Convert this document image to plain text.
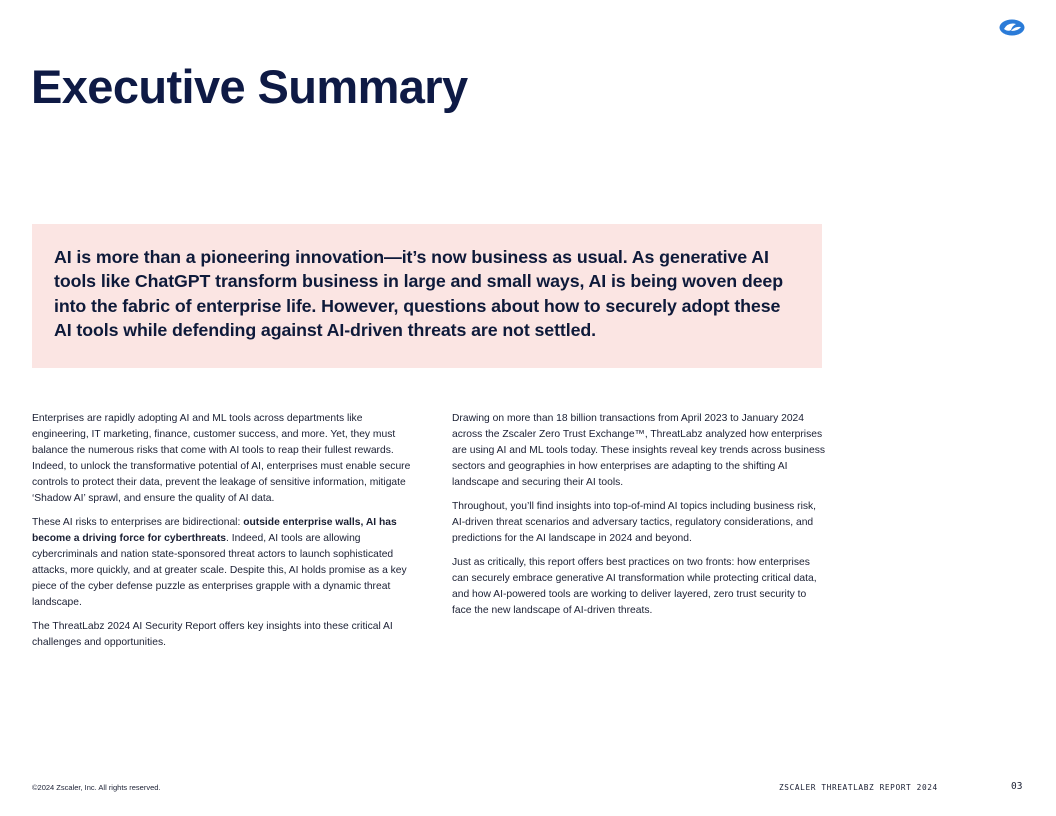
Executive Summary

AI is more than a pioneering innovation—it’s now business as usual. As generative AI tools like ChatGPT transform business in large and small ways, AI is being woven deep into the fabric of enterprise life. However, questions about how to securely adopt these AI tools while defending against AI-driven threats are not settled.

Enterprises are rapidly adopting AI and ML tools across departments like engineering, IT marketing, finance, customer success, and more. Yet, they must balance the numerous risks that come with AI tools to reap their fullest rewards. Indeed, to unlock the transformative potential of AI, enterprises must enable secure controls to protect their data, prevent the leakage of sensitive information, mitigate ‘Shadow AI’ sprawl, and ensure the quality of AI data.

These AI risks to enterprises are bidirectional: outside enterprise walls, AI has become a driving force for cyberthreats. Indeed, AI tools are allowing cybercriminals and nation state-sponsored threat actors to launch sophisticated attacks, more quickly, and at greater scale. Despite this, AI holds promise as a key piece of the cyber defense puzzle as enterprises grapple with a dynamic threat landscape.

The ThreatLabz 2024 AI Security Report offers key insights into these critical AI challenges and opportunities.

Drawing on more than 18 billion transactions from April 2023 to January 2024 across the Zscaler Zero Trust Exchange™, ThreatLabz analyzed how enterprises are using AI and ML tools today. These insights reveal key trends across business sectors and geographies in how enterprises are adapting to the shifting AI landscape and securing their AI tools.

Throughout, you’ll find insights into top-of-mind AI topics including business risk, AI-driven threat scenarios and adversary tactics, regulatory considerations, and predictions for the AI landscape in 2024 and beyond.

Just as critically, this report offers best practices on two fronts: how enterprises can securely embrace generative AI transformation while protecting critical data, and how AI-powered tools are working to deliver layered, zero trust security to face the new landscape of AI-driven threats.

©2024 Zscaler, Inc. All rights reserved.	ZSCALER THREATLABZ REPORT 2024	03
